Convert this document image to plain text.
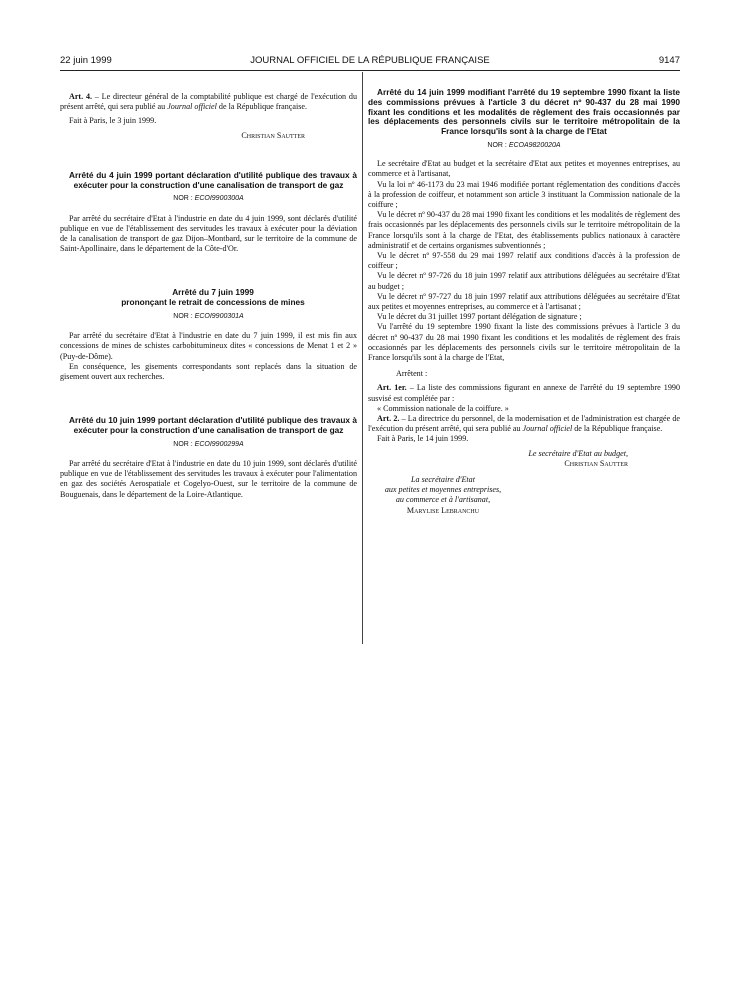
22 juin 1999	JOURNAL OFFICIEL DE LA RÉPUBLIQUE FRANÇAISE	9147

Art. 4. – Le directeur général de la comptabilité publique est chargé de l'exécution du présent arrêté, qui sera publié au Journal officiel de la République française.

Fait à Paris, le 3 juin 1999.

Christian Sautter

Arrêté du 4 juin 1999 portant déclaration d'utilité publique des travaux à exécuter pour la construction d'une canalisation de transport de gaz

NOR : ECOI9900300A

Par arrêté du secrétaire d'Etat à l'industrie en date du 4 juin 1999, sont déclarés d'utilité publique en vue de l'établissement des servitudes les travaux à exécuter pour la déviation de la canalisation de transport de gaz Dijon–Montbard, sur le territoire de la commune de Saint-Apollinaire, dans le département de la Côte-d'Or.

Arrêté du 7 juin 1999

prononçant le retrait de concessions de mines

NOR : ECOI9900301A

Par arrêté du secrétaire d'Etat à l'industrie en date du 7 juin 1999, il est mis fin aux concessions de mines de schistes carbobitumineux dites « concessions de Menat 1 et 2 » (Puy-de-Dôme).

En conséquence, les gisements correspondants sont replacés dans la situation de gisement ouvert aux recherches.

Arrêté du 10 juin 1999 portant déclaration d'utilité publique des travaux à exécuter pour la construction d'une canalisation de transport de gaz

NOR : ECOI9900299A

Par arrêté du secrétaire d'Etat à l'industrie en date du 10 juin 1999, sont déclarés d'utilité publique en vue de l'établissement des servitudes les travaux à exécuter pour l'alimentation en gaz des sociétés Aerospatiale et Cogelyo-Ouest, sur le territoire de la commune de Bouguenais, dans le département de la Loire-Atlantique.

Arrêté du 14 juin 1999 modifiant l'arrêté du 19 septembre 1990 fixant la liste des commissions prévues à l'article 3 du décret nº 90-437 du 28 mai 1990 fixant les conditions et les modalités de règlement des frais occasionnés par les déplacements des personnels civils sur le territoire métropolitain de la France lorsqu'ils sont à la charge de l'Etat

NOR : ECOA9820020A

Le secrétaire d'Etat au budget et la secrétaire d'Etat aux petites et moyennes entreprises, au commerce et à l'artisanat,

Vu la loi nº 46-1173 du 23 mai 1946 modifiée portant réglementation des conditions d'accès à la profession de coiffeur, et notamment son article 3 instituant la Commission nationale de la coiffure ;

Vu le décret nº 90-437 du 28 mai 1990 fixant les conditions et les modalités de règlement des frais occasionnés par les déplacements des personnels civils sur le territoire métropolitain de la France lorsqu'ils sont à la charge de l'Etat, des établissements publics nationaux à caractère administratif et de certains organismes subventionnés ;

Vu le décret nº 97-558 du 29 mai 1997 relatif aux conditions d'accès à la profession de coiffeur ;

Vu le décret nº 97-726 du 18 juin 1997 relatif aux attributions déléguées au secrétaire d'Etat au budget ;

Vu le décret nº 97-727 du 18 juin 1997 relatif aux attributions déléguées au secrétaire d'Etat aux petites et moyennes entreprises, au commerce et à l'artisanat ;

Vu le décret du 31 juillet 1997 portant délégation de signature ;

Vu l'arrêté du 19 septembre 1990 fixant la liste des commissions prévues à l'article 3 du décret nº 90-437 du 28 mai 1990 fixant les conditions et les modalités de règlement des frais occasionnés par les déplacements des personnels civils sur le territoire métropolitain de la France lorsqu'ils sont à la charge de l'Etat,

Arrêtent :

Art. 1er. – La liste des commissions figurant en annexe de l'arrêté du 19 septembre 1990 susvisé est complétée par :

« Commission nationale de la coiffure. »

Art. 2. – La directrice du personnel, de la modernisation et de l'administration est chargée de l'exécution du présent arrêté, qui sera publié au Journal officiel de la République française.

Fait à Paris, le 14 juin 1999.

Le secrétaire d'Etat au budget,
Christian Sautter
La secrétaire d'Etat
aux petites et moyennes entreprises,
au commerce et à l'artisanat,
Marylise Lebranchu
